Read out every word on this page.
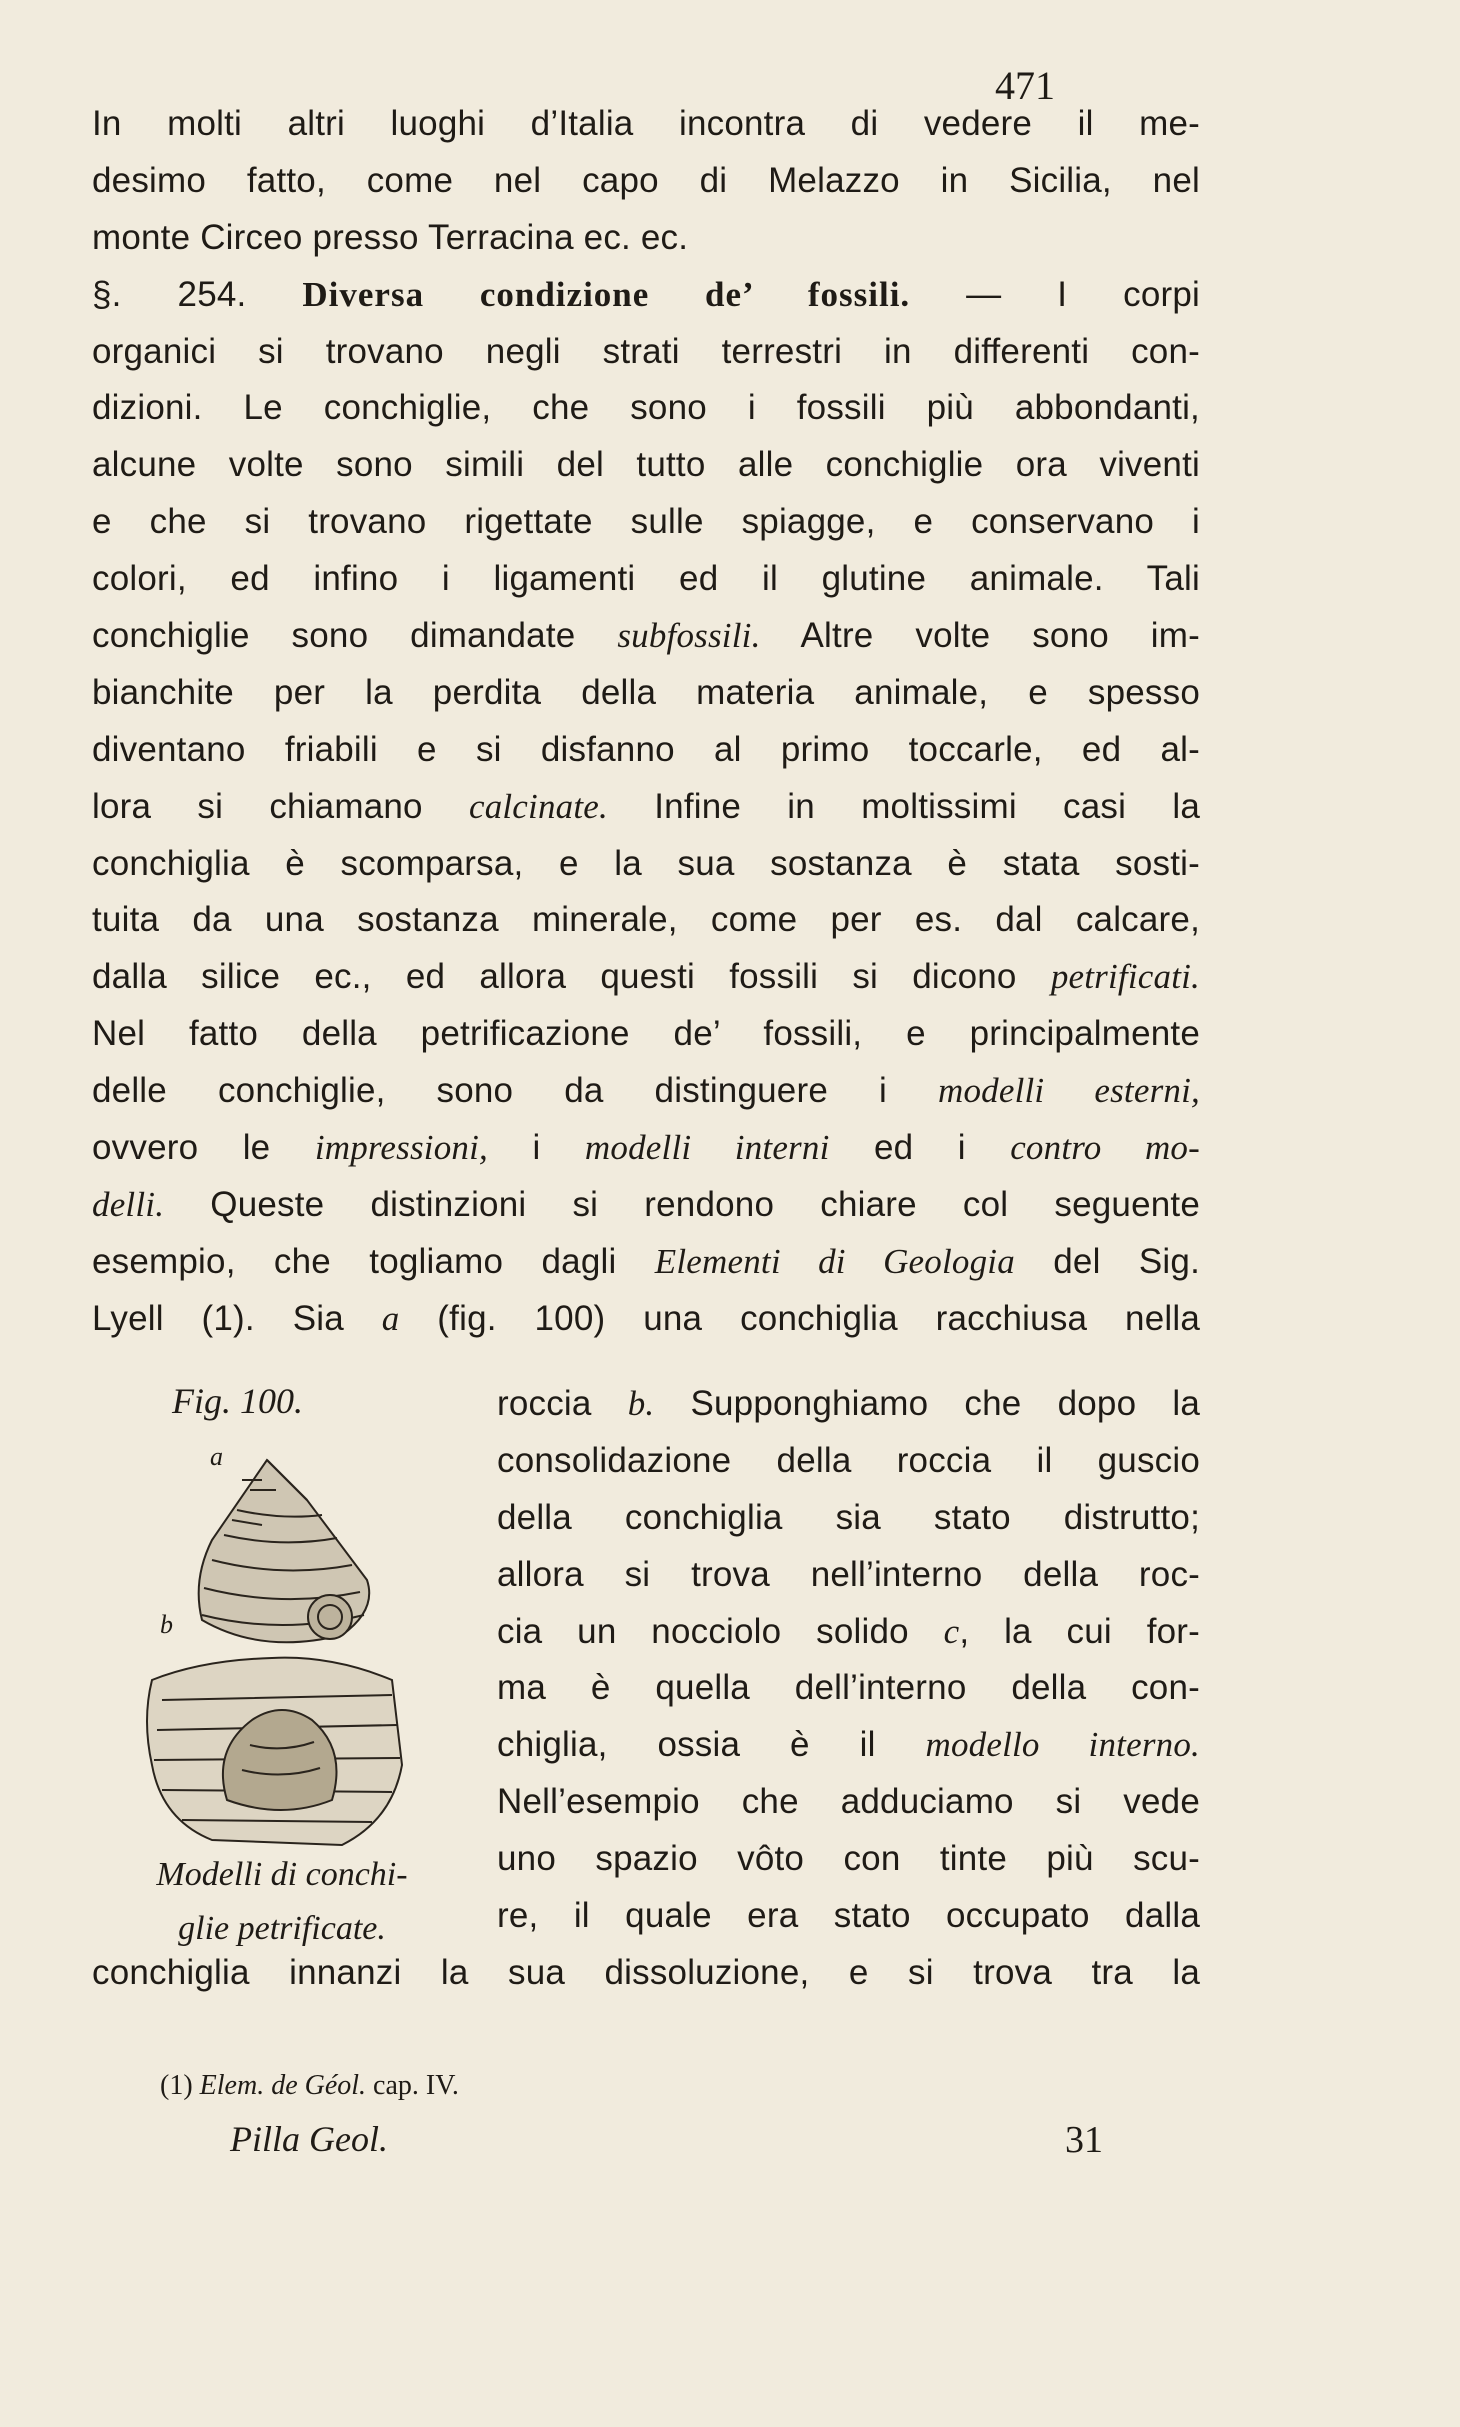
471
In molti altri luoghi d’Italia incontra di vedere il me-
desimo fatto, come nel capo di Melazzo in Sicilia, nel
monte Circeo presso Terracina ec. ec.
§. 254. Diversa condizione de’ fossili. — I corpi
organici si trovano negli strati terrestri in differenti con-
dizioni. Le conchiglie, che sono i fossili più abbondanti,
alcune volte sono simili del tutto alle conchiglie ora viventi
e che si trovano rigettate sulle spiagge, e conservano i
colori, ed infino i ligamenti ed il glutine animale. Tali
conchiglie sono dimandate subfossili. Altre volte sono im-
bianchite per la perdita della materia animale, e spesso
diventano friabili e si disfanno al primo toccarle, ed al-
lora si chiamano calcinate. Infine in moltissimi casi la
conchiglia è scomparsa, e la sua sostanza è stata sosti-
tuita da una sostanza minerale, come per es. dal calcare,
dalla silice ec., ed allora questi fossili si dicono petrificati.
Nel fatto della petrificazione de’ fossili, e principalmente
delle conchiglie, sono da distinguere i modelli esterni,
ovvero le impressioni, i modelli interni ed i contro mo-
delli. Queste distinzioni si rendono chiare col seguente
esempio, che togliamo dagli Elementi di Geologia del Sig.
Lyell (1). Sia a (fig. 100) una conchiglia racchiusa nella
roccia b. Supponghiamo che dopo la
consolidazione della roccia il guscio
della conchiglia sia stato distrutto;
allora si trova nell’interno della roc-
cia un nocciolo solido c, la cui for-
ma è quella dell’interno della con-
chiglia, ossia è il modello interno.
Nell’esempio che adduciamo si vede
uno spazio vôto con tinte più scu-
re, il quale era stato occupato dalla
conchiglia innanzi la sua dissoluzione, e si trova tra la
Fig. 100.
a
b
Modelli di conchi-
glie petrificate.
(1) Elem. de Géol. cap. IV.
Pilla Geol.	31
